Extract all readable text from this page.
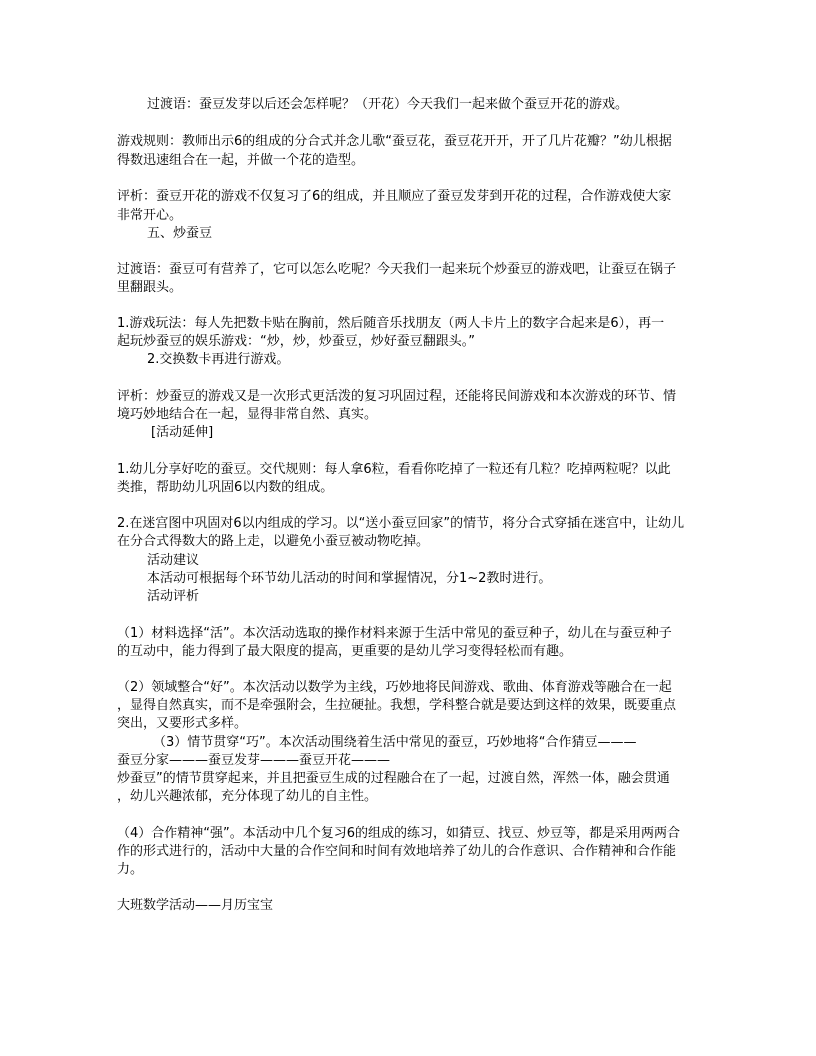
过渡语：蚕豆发芽以后还会怎样呢？（开花）今天我们一起来做个蚕豆开花的游戏。
游戏规则：教师出示6的组成的分合式并念儿歌“蚕豆花，蚕豆花开开，开了几片花瓣？”幼儿根据
得数迅速组合在一起，并做一个花的造型。
评析：蚕豆开花的游戏不仅复习了6的组成，并且顺应了蚕豆发芽到开花的过程，合作游戏使大家
非常开心。
五、炒蚕豆
过渡语：蚕豆可有营养了，它可以怎么吃呢？今天我们一起来玩个炒蚕豆的游戏吧，让蚕豆在锅子
里翻跟头。
1.游戏玩法：每人先把数卡贴在胸前，然后随音乐找朋友（两人卡片上的数字合起来是6），再一
起玩炒蚕豆的娱乐游戏：“炒，炒，炒蚕豆，炒好蚕豆翻跟头。”
2.交换数卡再进行游戏。
评析：炒蚕豆的游戏又是一次形式更活泼的复习巩固过程，还能将民间游戏和本次游戏的环节、情
境巧妙地结合在一起，显得非常自然、真实。
[活动延伸]
1.幼儿分享好吃的蚕豆。交代规则：每人拿6粒，看看你吃掉了一粒还有几粒？吃掉两粒呢？以此
类推，帮助幼儿巩固6以内数的组成。
2.在迷宫图中巩固对6以内组成的学习。以“送小蚕豆回家”的情节，将分合式穿插在迷宫中，让幼儿
在分合式得数大的路上走，以避免小蚕豆被动物吃掉。
活动建议
本活动可根据每个环节幼儿活动的时间和掌握情况，分1~2教时进行。
活动评析
（1）材料选择“活”。本次活动选取的操作材料来源于生活中常见的蚕豆种子，幼儿在与蚕豆种子
的互动中，能力得到了最大限度的提高，更重要的是幼儿学习变得轻松而有趣。
（2）领域整合“好”。本次活动以数学为主线，巧妙地将民间游戏、歌曲、体育游戏等融合在一起
，显得自然真实，而不是牵强附会，生拉硬扯。我想，学科整合就是要达到这样的效果，既要重点
突出，又要形式多样。
（3）情节贯穿“巧”。本次活动围绕着生活中常见的蚕豆，巧妙地将“合作猜豆———
蚕豆分家———蚕豆发芽———蚕豆开花———
炒蚕豆”的情节贯穿起来，并且把蚕豆生成的过程融合在了一起，过渡自然，浑然一体，融会贯通
，幼儿兴趣浓郁，充分体现了幼儿的自主性。
（4）合作精神“强”。本活动中几个复习6的组成的练习，如猜豆、找豆、炒豆等，都是采用两两合
作的形式进行的，活动中大量的合作空间和时间有效地培养了幼儿的合作意识、合作精神和合作能
力。
大班数学活动——月历宝宝
